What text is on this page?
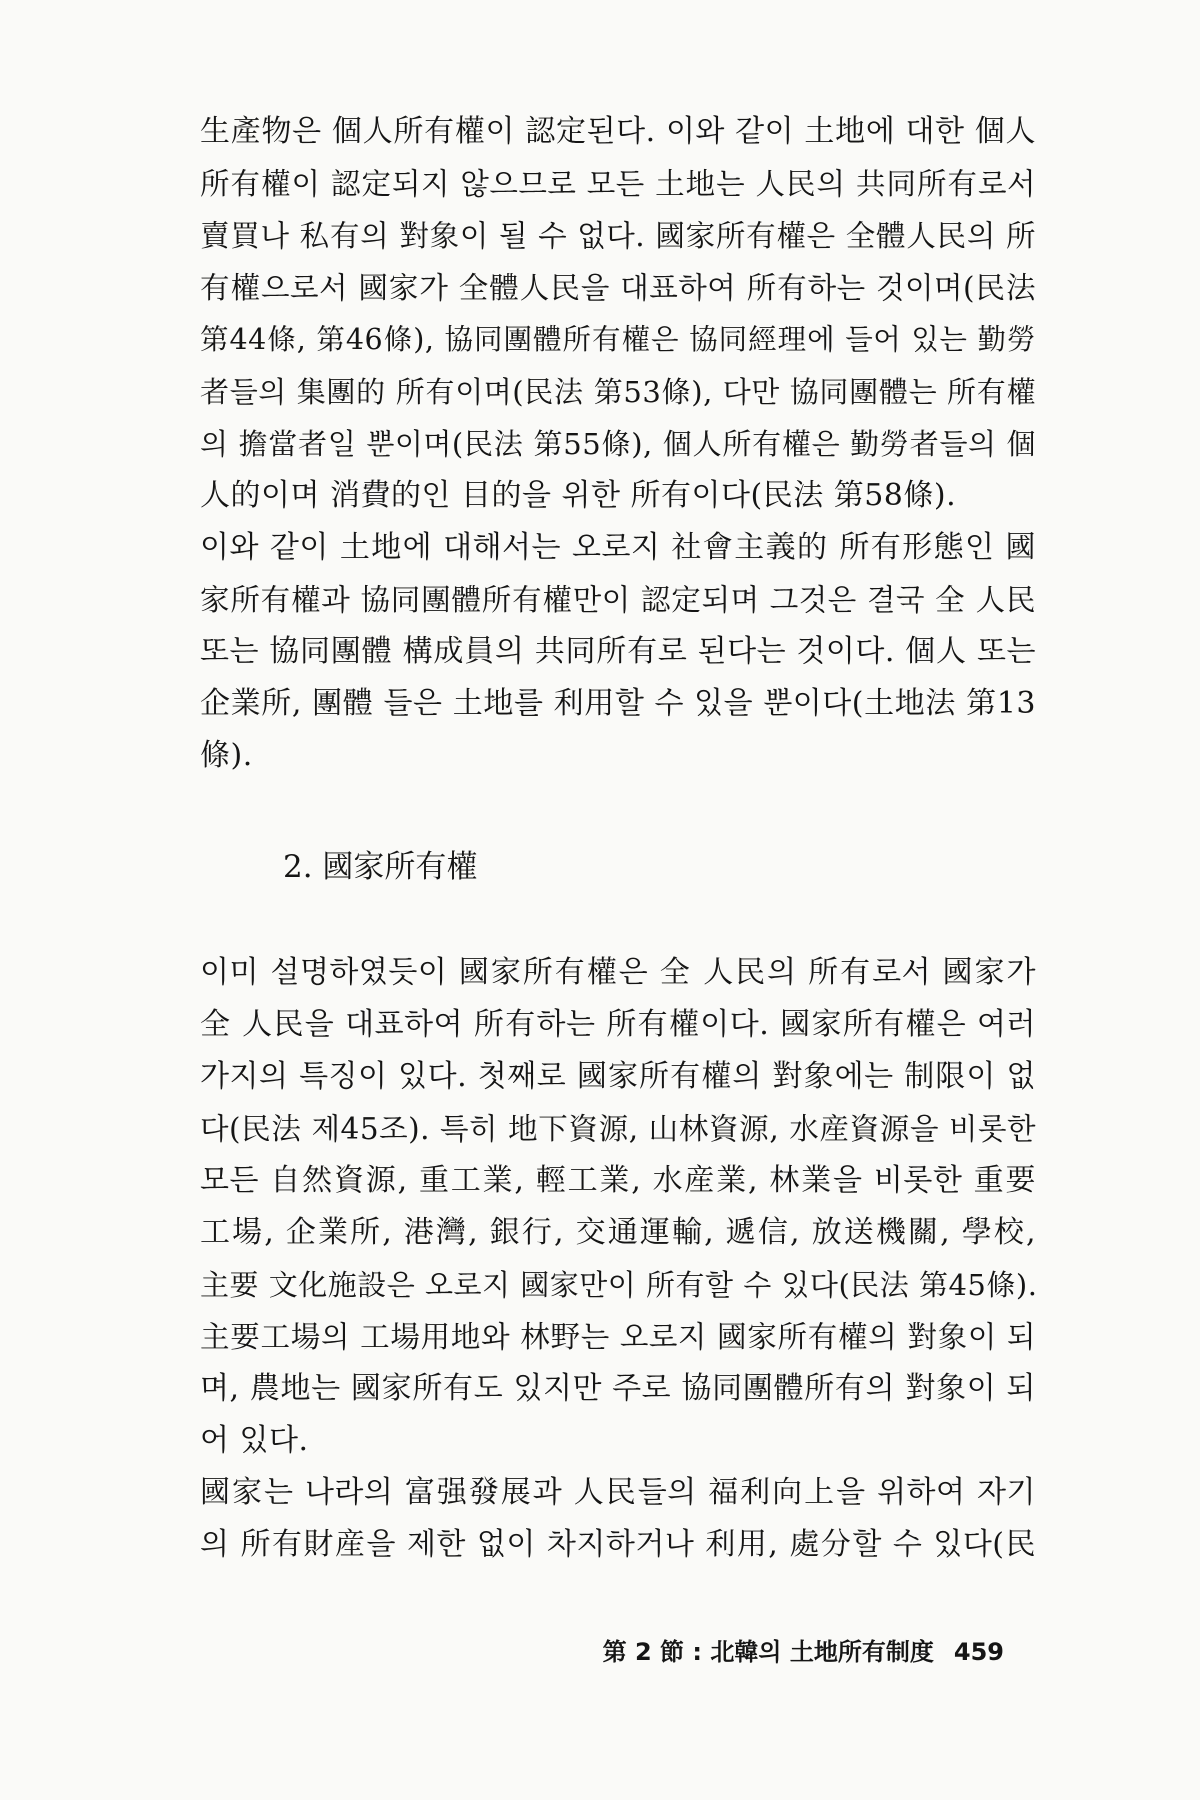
生產物은 個人所有權이 認定된다. 이와 같이 土地에 대한 個人
所有權이 認定되지 않으므로 모든 土地는 人民의 共同所有로서
賣買나 私有의 對象이 될 수 없다. 國家所有權은 全體人民의 所
有權으로서 國家가 全體人民을 대표하여 所有하는 것이며(民法
第44條, 第46條), 協同團體所有權은 協同經理에 들어 있는 勤勞
者들의 集團的 所有이며(民法 第53條), 다만 協同團體는 所有權
의 擔當者일 뿐이며(民法 第55條), 個人所有權은 勤勞者들의 個
人的이며 消費的인 目的을 위한 所有이다(民法 第58條).
이와 같이 土地에 대해서는 오로지 社會主義的 所有形態인 國
家所有權과 協同團體所有權만이 認定되며 그것은 결국 全 人民
또는 協同團體 構成員의 共同所有로 된다는 것이다. 個人 또는
企業所, 團體 들은 土地를 利用할 수 있을 뿐이다(土地法 第13
條).
2. 國家所有權
이미 설명하였듯이 國家所有權은 全 人民의 所有로서 國家가
全 人民을 대표하여 所有하는 所有權이다. 國家所有權은 여러
가지의 특징이 있다. 첫째로 國家所有權의 對象에는 制限이 없
다(民法 제45조). 특히 地下資源, 山林資源, 水産資源을 비롯한
모든 自然資源, 重工業, 輕工業, 水産業, 林業을 비롯한 重要
工場, 企業所, 港灣, 銀行, 交通運輸, 遞信, 放送機關, 學校,
主要 文化施設은 오로지 國家만이 所有할 수 있다(民法 第45條).
主要工場의 工場用地와 林野는 오로지 國家所有權의 對象이 되
며, 農地는 國家所有도 있지만 주로 協同團體所有의 對象이 되
어 있다.
國家는 나라의 富强發展과 人民들의 福利向上을 위하여 자기
의 所有財産을 제한 없이 차지하거나 利用, 處分할 수 있다(民
第 2 節 : 北韓의 土地所有制度 459
